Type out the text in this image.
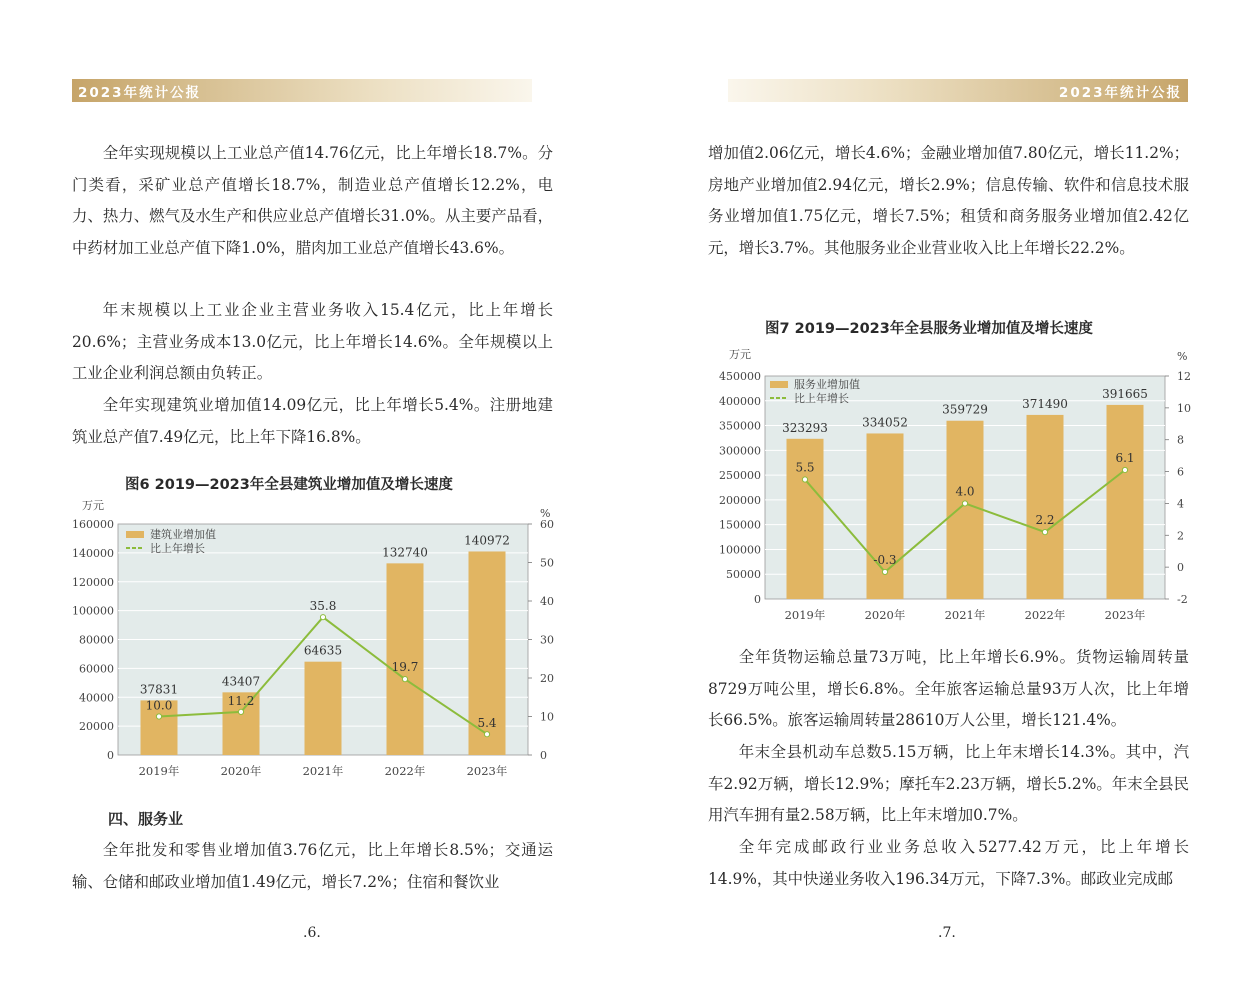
2023年统计公报

全年实现规模以上工业总产值14.76亿元，比上年增长18.7%。分门类看，采矿业总产值增长18.7%，制造业总产值增长12.2%，电力、热力、燃气及水生产和供应业总产值增长31.0%。从主要产品看，中药材加工业总产值下降1.0%，腊肉加工业总产值增长43.6%。

年末规模以上工业企业主营业务收入15.4亿元，比上年增长20.6%；主营业务成本13.0亿元，比上年增长14.6%。全年规模以上工业企业利润总额由负转正。

全年实现建筑业增加值14.09亿元，比上年增长5.4%。注册地建筑业总产值7.49亿元，比上年下降16.8%。

图6 2019—2023年全县建筑业增加值及增长速度

0
20000
40000
60000
80000
100000
120000
140000
160000
0
10
20
30
40
50
60
万元
%
37831
43407
64635
132740
140972
10.0	11.2
35.8
19.7
5.4
2019年	2020年	2021年	2022年	2023年
建筑业增加值
比上年增长

四、服务业

全年批发和零售业增加值3.76亿元，比上年增长8.5%；交通运输、仓储和邮政业增加值1.49亿元，增长7.2%；住宿和餐饮业

.6.
2023年统计公报

增加值2.06亿元，增长4.6%；金融业增加值7.80亿元，增长11.2%；房地产业增加值2.94亿元，增长2.9%；信息传输、软件和信息技术服务业增加值1.75亿元，增长7.5%；租赁和商务服务业增加值2.42亿元，增长3.7%。其他服务业企业营业收入比上年增长22.2%。

图7 2019—2023年全县服务业增加值及增长速度

0
50000
100000
150000
200000
250000
300000
350000
400000
450000
-2
0
2
4
6
8
10
12
万元	%
323293	334052
359729	371490
391665
5.5
-0.3
4.0
2.2
6.1
2019年	2020年	2021年	2022年	2023年
服务业增加值
比上年增长

全年货物运输总量73万吨，比上年增长6.9%。货物运输周转量8729万吨公里，增长6.8%。全年旅客运输总量93万人次，比上年增长66.5%。旅客运输周转量28610万人公里，增长121.4%。

年末全县机动车总数5.15万辆，比上年末增长14.3%。其中，汽车2.92万辆，增长12.9%；摩托车2.23万辆，增长5.2%。年末全县民用汽车拥有量2.58万辆，比上年末增加0.7%。

全年完成邮政行业业务总收入5277.42万元，比上年增长14.9%，其中快递业务收入196.34万元，下降7.3%。邮政业完成邮

.7.
